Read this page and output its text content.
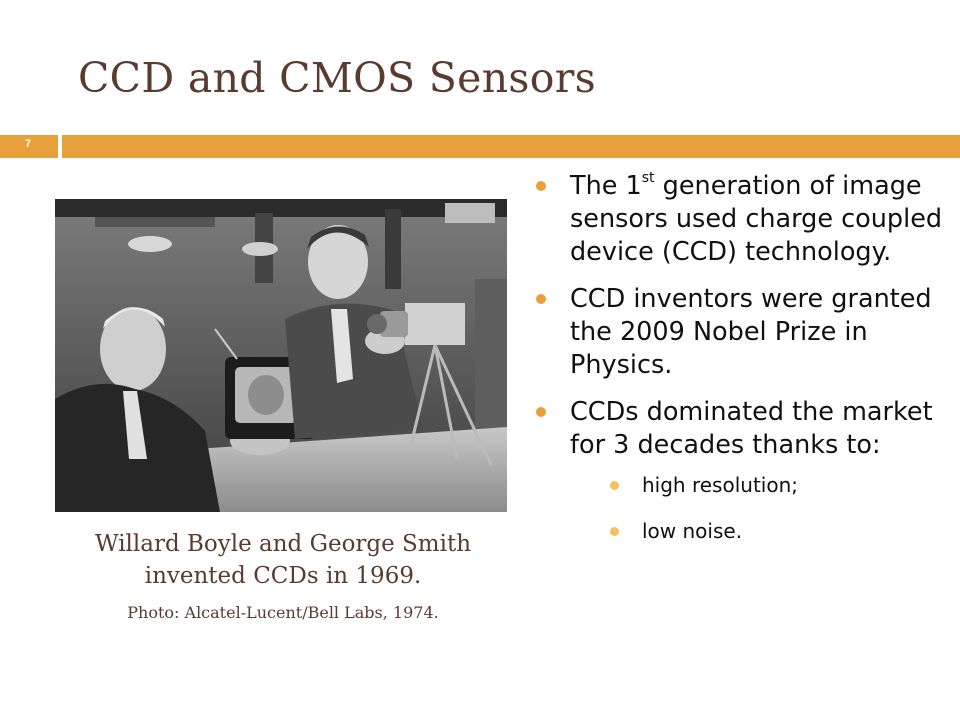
CCD and CMOS Sensors
7

Willard Boyle and George Smith
invented CCDs in 1969.

Photo: Alcatel-Lucent/Bell Labs, 1974.
The 1st generation of image sensors used charge coupled device (CCD) technology.
CCD inventors were granted the 2009 Nobel Prize in Physics.
CCDs dominated the market for 3 decades thanks to:
high resolution;
low noise.
